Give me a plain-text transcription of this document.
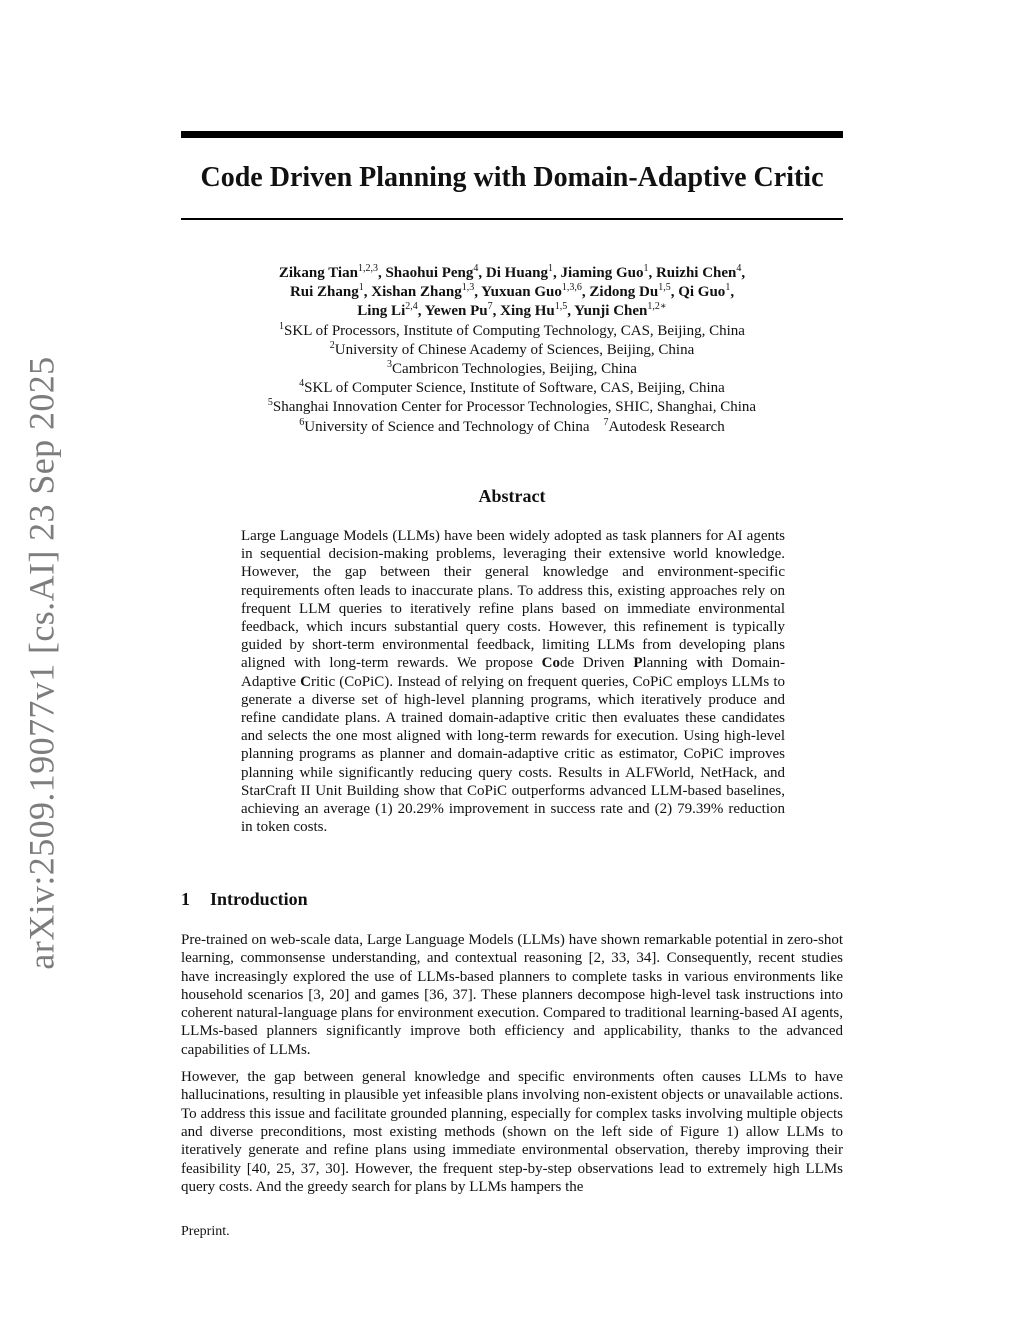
arXiv:2509.19077v1 [cs.AI] 23 Sep 2025
Code Driven Planning with Domain-Adaptive Critic
Zikang Tian$^{1,2,3}$, Shaohui Peng$^4$, Di Huang$^1$, Jiaming Guo$^1$, Ruizhi Chen$^4$,
Rui Zhang$^1$, Xishan Zhang$^{1,3}$, Yuxuan Guo$^{1,3,6}$, Zidong Du$^{1,5}$, Qi Guo$^1$,
Ling Li$^{2,4}$, Yewen Pu$^7$, Xing Hu$^{1,5}$, Yunji Chen$^{1,2∗}$
$^1$SKL of Processors, Institute of Computing Technology, CAS, Beijing, China
$^2$University of Chinese Academy of Sciences, Beijing, China
$^3$Cambricon Technologies, Beijing, China
$^4$SKL of Computer Science, Institute of Software, CAS, Beijing, China
$^5$Shanghai Innovation Center for Processor Technologies, SHIC, Shanghai, China
$^6$University of Science and Technology of China $^7$Autodesk Research
Abstract

Large Language Models (LLMs) have been widely adopted as task planners for AI agents in sequential decision-making problems, leveraging their extensive world knowledge. However, the gap between their general knowledge and environment-specific requirements often leads to inaccurate plans. To address this, existing approaches rely on frequent LLM queries to iteratively refine plans based on immediate environmental feedback, which incurs substantial query costs. However, this refinement is typically guided by short-term environmental feedback, limiting LLMs from developing plans aligned with long-term rewards. We propose Code Driven Planning with Domain-Adaptive Critic (CoPiC). Instead of relying on frequent queries, CoPiC employs LLMs to generate a diverse set of high-level planning programs, which iteratively produce and refine candidate plans. A trained domain-adaptive critic then evaluates these candidates and selects the one most aligned with long-term rewards for execution. Using high-level planning programs as planner and domain-adaptive critic as estimator, CoPiC improves planning while significantly reducing query costs. Results in ALFWorld, NetHack, and StarCraft II Unit Building show that CoPiC outperforms advanced LLM-based baselines, achieving an average (1) 20.29% improvement in success rate and (2) 79.39% reduction in token costs.

1 Introduction

Pre-trained on web-scale data, Large Language Models (LLMs) have shown remarkable potential in zero-shot learning, commonsense understanding, and contextual reasoning [2, 33, 34]. Consequently, recent studies have increasingly explored the use of LLMs-based planners to complete tasks in various environments like household scenarios [3, 20] and games [36, 37]. These planners decompose high-level task instructions into coherent natural-language plans for environment execution. Compared to traditional learning-based AI agents, LLMs-based planners significantly improve both efficiency and applicability, thanks to the advanced capabilities of LLMs.

However, the gap between general knowledge and specific environments often causes LLMs to have hallucinations, resulting in plausible yet infeasible plans involving non-existent objects or unavailable actions. To address this issue and facilitate grounded planning, especially for complex tasks involving multiple objects and diverse preconditions, most existing methods (shown on the left side of Figure 1) allow LLMs to iteratively generate and refine plans using immediate environmental observation, thereby improving their feasibility [40, 25, 37, 30]. However, the frequent step-by-step observations lead to extremely high LLMs query costs. And the greedy search for plans by LLMs hampers the

Preprint.
